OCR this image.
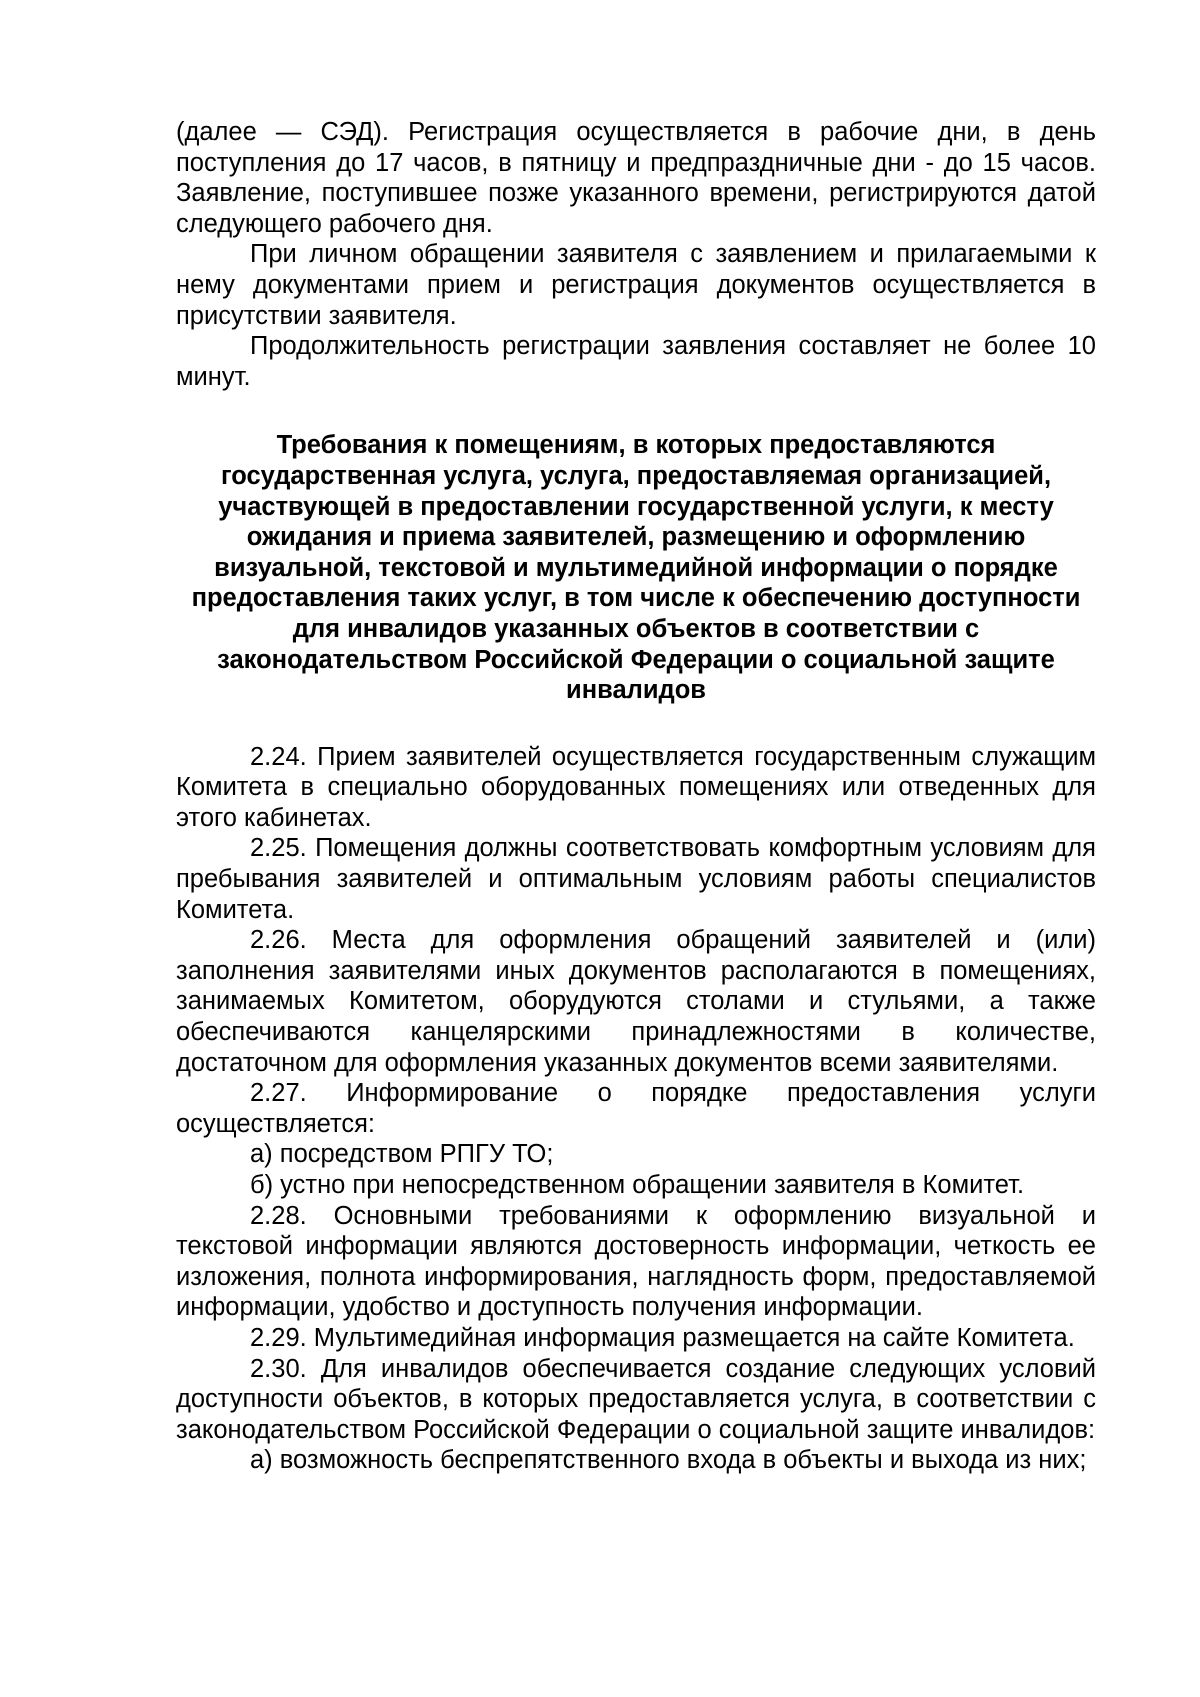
(далее — СЭД). Регистрация осуществляется в рабочие дни, в день поступления до 17 часов, в пятницу и предпраздничные дни - до 15 часов. Заявление, поступившее позже указанного времени, регистрируются датой следующего рабочего дня.

При личном обращении заявителя с заявлением и прилагаемыми к нему документами прием и регистрация документов осуществляется в присутствии заявителя.

Продолжительность регистрации заявления составляет не более 10 минут.

Требования к помещениям, в которых предоставляются государственная услуга, услуга, предоставляемая организацией, участвующей в предоставлении государственной услуги, к месту ожидания и приема заявителей, размещению и оформлению визуальной, текстовой и мультимедийной информации о порядке предоставления таких услуг, в том числе к обеспечению доступности для инвалидов указанных объектов в соответствии с законодательством Российской Федерации о социальной защите инвалидов

2.24. Прием заявителей осуществляется государственным служащим Комитета в специально оборудованных помещениях или отведенных для этого кабинетах.

2.25. Помещения должны соответствовать комфортным условиям для пребывания заявителей и оптимальным условиям работы специалистов Комитета.

2.26. Места для оформления обращений заявителей и (или) заполнения заявителями иных документов располагаются в помещениях, занимаемых Комитетом, оборудуются столами и стульями, а также обеспечиваются канцелярскими принадлежностями в количестве, достаточном для оформления указанных документов всеми заявителями.

2.27. Информирование о порядке предоставления услуги осуществляется:

а) посредством РПГУ ТО;

б) устно при непосредственном обращении заявителя в Комитет.

2.28. Основными требованиями к оформлению визуальной и текстовой информации являются достоверность информации, четкость ее изложения, полнота информирования, наглядность форм, предоставляемой информации, удобство и доступность получения информации.

2.29. Мультимедийная информация размещается на сайте Комитета.

2.30. Для инвалидов обеспечивается создание следующих условий доступности объектов, в которых предоставляется услуга, в соответствии с законодательством Российской Федерации о социальной защите инвалидов:

а) возможность беспрепятственного входа в объекты и выхода из них;
